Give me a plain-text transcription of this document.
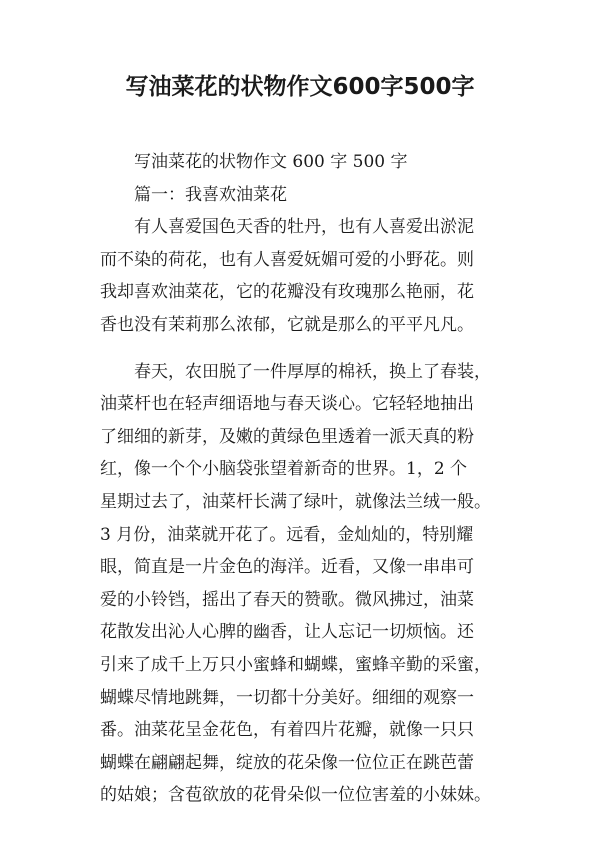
写油菜花的状物作文600字500字
写油菜花的状物作文 600 字 500 字
篇一：我喜欢油菜花
有人喜爱国色天香的牡丹，也有人喜爱出淤泥
而不染的荷花，也有人喜爱妩媚可爱的小野花。则
我却喜欢油菜花，它的花瓣没有玫瑰那么艳丽，花
香也没有茉莉那么浓郁，它就是那么的平平凡凡。
春天，农田脱了一件厚厚的棉袄，换上了春装，
油菜杆也在轻声细语地与春天谈心。它轻轻地抽出
了细细的新芽，及嫩的黄绿色里透着一派天真的粉
红，像一个个小脑袋张望着新奇的世界。1，2 个
星期过去了，油菜杆长满了绿叶，就像法兰绒一般。
3 月份，油菜就开花了。远看，金灿灿的，特别耀
眼，简直是一片金色的海洋。近看，又像一串串可
爱的小铃铛，摇出了春天的赞歌。微风拂过，油菜
花散发出沁人心脾的幽香，让人忘记一切烦恼。还
引来了成千上万只小蜜蜂和蝴蝶，蜜蜂辛勤的采蜜，
蝴蝶尽情地跳舞，一切都十分美好。细细的观察一
番。油菜花呈金花色，有着四片花瓣，就像一只只
蝴蝶在翩翩起舞，绽放的花朵像一位位正在跳芭蕾
的姑娘；含苞欲放的花骨朵似一位位害羞的小妹妹。
